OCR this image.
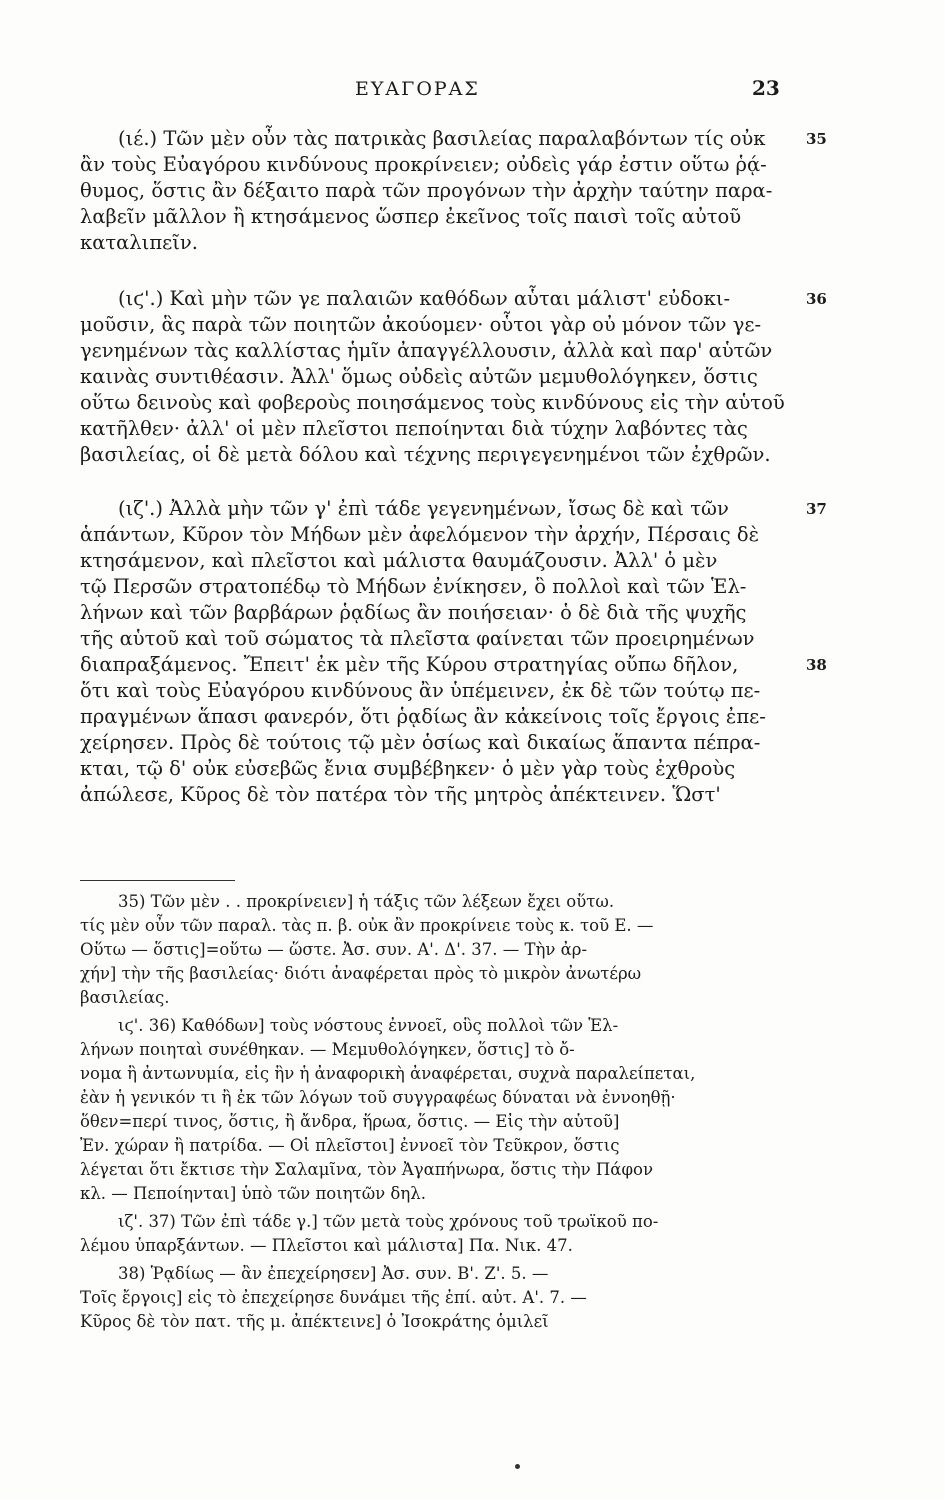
ΕΥΑΓΟΡΑΣ	23
(ιέ.) Τῶν μὲν οὖν τὰς πατρικὰς βασιλείας παραλαβόντων τίς οὐκ
ἂν τοὺς Εὐαγόρου κινδύνους προκρίνειεν; οὐδεὶς γάρ ἐστιν οὕτω ῥᾴ-
θυμος, ὅστις ἂν δέξαιτο παρὰ τῶν προγόνων τὴν ἀρχὴν ταύτην παρα-
λαβεῖν μᾶλλον ἢ κτησάμενος ὥσπερ ἐκεῖνος τοῖς παισὶ τοῖς αὐτοῦ
καταλιπεῖν.
(ιϛ'.) Καὶ μὴν τῶν γε παλαιῶν καθόδων αὗται μάλιστ' εὐδοκι-
μοῦσιν, ἃς παρὰ τῶν ποιητῶν ἀκούομεν· οὗτοι γὰρ οὐ μόνον τῶν γε-
γενημένων τὰς καλλίστας ἡμῖν ἀπαγγέλλουσιν, ἀλλὰ καὶ παρ' αὑτῶν
καινὰς συντιθέασιν. Ἀλλ' ὅμως οὐδεὶς αὐτῶν μεμυθολόγηκεν, ὅστις
οὕτω δεινοὺς καὶ φοβεροὺς ποιησάμενος τοὺς κινδύνους εἰς τὴν αὑτοῦ
κατῆλθεν· ἀλλ' οἱ μὲν πλεῖστοι πεποίηνται διὰ τύχην λαβόντες τὰς
βασιλείας, οἱ δὲ μετὰ δόλου καὶ τέχνης περιγεγενημένοι τῶν ἐχθρῶν.
(ιζ'.) Ἀλλὰ μὴν τῶν γ' ἐπὶ τάδε γεγενημένων, ἴσως δὲ καὶ τῶν
ἁπάντων, Κῦρον τὸν Μήδων μὲν ἀφελόμενον τὴν ἀρχήν, Πέρσαις δὲ
κτησάμενον, καὶ πλεῖστοι καὶ μάλιστα θαυμάζουσιν. Ἀλλ' ὁ μὲν
τῷ Περσῶν στρατοπέδῳ τὸ Μήδων ἐνίκησεν, ὃ πολλοὶ καὶ τῶν Ἑλ-
λήνων καὶ τῶν βαρβάρων ῥᾳδίως ἂν ποιήσειαν· ὁ δὲ διὰ τῆς ψυχῆς
τῆς αὑτοῦ καὶ τοῦ σώματος τὰ πλεῖστα φαίνεται τῶν προειρημένων
διαπραξάμενος. Ἔπειτ' ἐκ μὲν τῆς Κύρου στρατηγίας οὔπω δῆλον,
ὅτι καὶ τοὺς Εὐαγόρου κινδύνους ἂν ὑπέμεινεν, ἐκ δὲ τῶν τούτῳ πε-
πραγμένων ἅπασι φανερόν, ὅτι ῥᾳδίως ἂν κἀκείνοις τοῖς ἔργοις ἐπε-
χείρησεν. Πρὸς δὲ τούτοις τῷ μὲν ὁσίως καὶ δικαίως ἅπαντα πέπρα-
κται, τῷ δ' οὐκ εὐσεβῶς ἔνια συμβέβηκεν· ὁ μὲν γὰρ τοὺς ἐχθροὺς
ἀπώλεσε, Κῦρος δὲ τὸν πατέρα τὸν τῆς μητρὸς ἀπέκτεινεν. Ὥστ'
35
36
37
38
35) Τῶν μὲν . . προκρίνειεν] ἡ τάξις τῶν λέξεων ἔχει οὕτω.
τίς μὲν οὖν τῶν παραλ. τὰς π. β. οὐκ ἂν προκρίνειε τοὺς κ. τοῦ Ε. —
Οὕτω — ὅστις]=οὕτω — ὥστε. Ἀσ. συν. Α'. Δ'. 37. — Τὴν ἀρ-
χήν] τὴν τῆς βασιλείας· διότι ἀναφέρεται πρὸς τὸ μικρὸν ἀνωτέρω
βασιλείας.
ιϛ'. 36) Καθόδων] τοὺς νόστους ἐννοεῖ, οὓς πολλοὶ τῶν Ἑλ-
λήνων ποιηταὶ συνέθηκαν. — Μεμυθολόγηκεν, ὅστις] τὸ ὄ-
νομα ἢ ἀντωνυμία, εἰς ἣν ἡ ἀναφορικὴ ἀναφέρεται, συχνὰ παραλείπεται,
ἐὰν ἡ γενικόν τι ἢ ἐκ τῶν λόγων τοῦ συγγραφέως δύναται νὰ ἐννοηθῇ·
ὅθεν=περί τινος, ὅστις, ἢ ἄνδρα, ἥρωα, ὅστις. — Εἰς τὴν αὑτοῦ]
Ἐν. χώραν ἢ πατρίδα. — Οἱ πλεῖστοι] ἐννοεῖ τὸν Τεῦκρον, ὅστις
λέγεται ὅτι ἔκτισε τὴν Σαλαμῖνα, τὸν Ἀγαπήνωρα, ὅστις τὴν Πάφον
κλ. — Πεποίηνται] ὑπὸ τῶν ποιητῶν δηλ.
ιζ'. 37) Τῶν ἐπὶ τάδε γ.] τῶν μετὰ τοὺς χρόνους τοῦ τρωϊκοῦ πο-
λέμου ὑπαρξάντων. — Πλεῖστοι καὶ μάλιστα] Πα. Νικ. 47.
38) Ῥᾳδίως — ἂν ἐπεχείρησεν] Ἀσ. συν. Β'. Ζ'. 5. —
Τοῖς ἔργοις] εἰς τὸ ἐπεχείρησε δυνάμει τῆς ἐπί. αὐτ. Α'. 7. —
Κῦρος δὲ τὸν πατ. τῆς μ. ἀπέκτεινε] ὁ Ἰσοκράτης ὁμιλεῖ
